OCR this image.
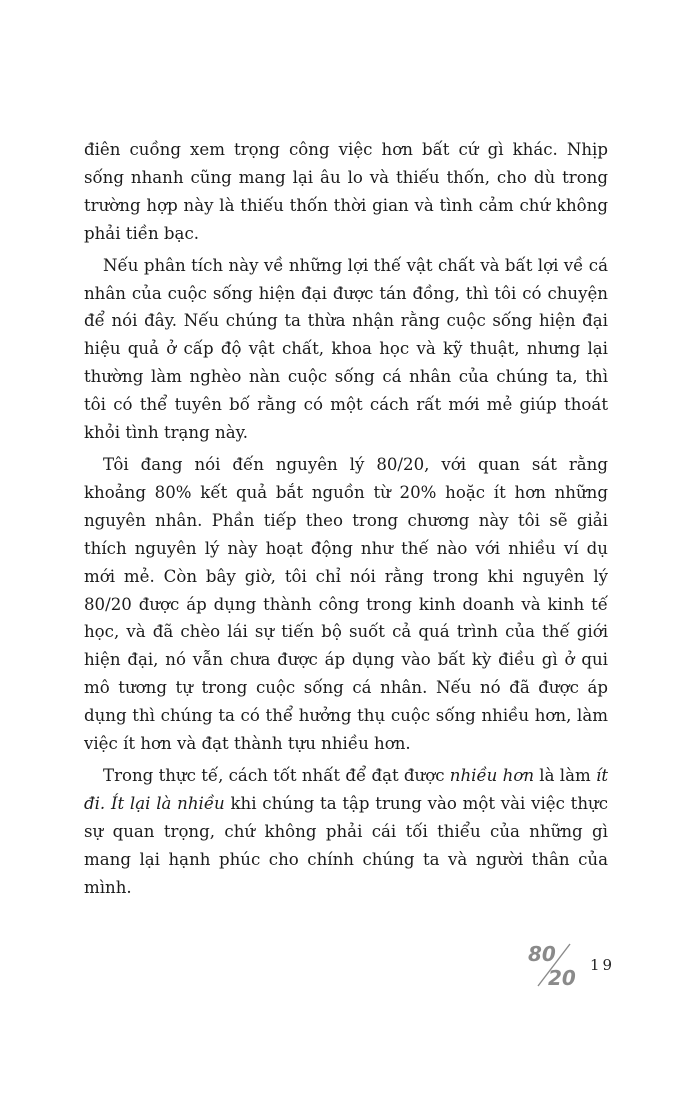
điên cuồng xem trọng công việc hơn bất cứ gì khác. Nhịp sống nhanh cũng mang lại âu lo và thiếu thốn, cho dù trong trường hợp này là thiếu thốn thời gian và tình cảm chứ không phải tiền bạc.

Nếu phân tích này về những lợi thế vật chất và bất lợi về cá nhân của cuộc sống hiện đại được tán đồng, thì tôi có chuyện để nói đây. Nếu chúng ta thừa nhận rằng cuộc sống hiện đại hiệu quả ở cấp độ vật chất, khoa học và kỹ thuật, nhưng lại thường làm nghèo nàn cuộc sống cá nhân của chúng ta, thì tôi có thể tuyên bố rằng có một cách rất mới mẻ giúp thoát khỏi tình trạng này.

Tôi đang nói đến nguyên lý 80/20, với quan sát rằng khoảng 80% kết quả bắt nguồn từ 20% hoặc ít hơn những nguyên nhân. Phần tiếp theo trong chương này tôi sẽ giải thích nguyên lý này hoạt động như thế nào với nhiều ví dụ mới mẻ. Còn bây giờ, tôi chỉ nói rằng trong khi nguyên lý 80/20 được áp dụng thành công trong kinh doanh và kinh tế học, và đã chèo lái sự tiến bộ suốt cả quá trình của thế giới hiện đại, nó vẫn chưa được áp dụng vào bất kỳ điều gì ở qui mô tương tự trong cuộc sống cá nhân. Nếu nó đã được áp dụng thì chúng ta có thể hưởng thụ cuộc sống nhiều hơn, làm việc ít hơn và đạt thành tựu nhiều hơn.

Trong thực tế, cách tốt nhất để đạt được nhiều hơn là làm ít đi. Ít lại là nhiều khi chúng ta tập trung vào một vài việc thực sự quan trọng, chứ không phải cái tối thiểu của những gì mang lại hạnh phúc cho chính chúng ta và người thân của mình.

80
20
19
